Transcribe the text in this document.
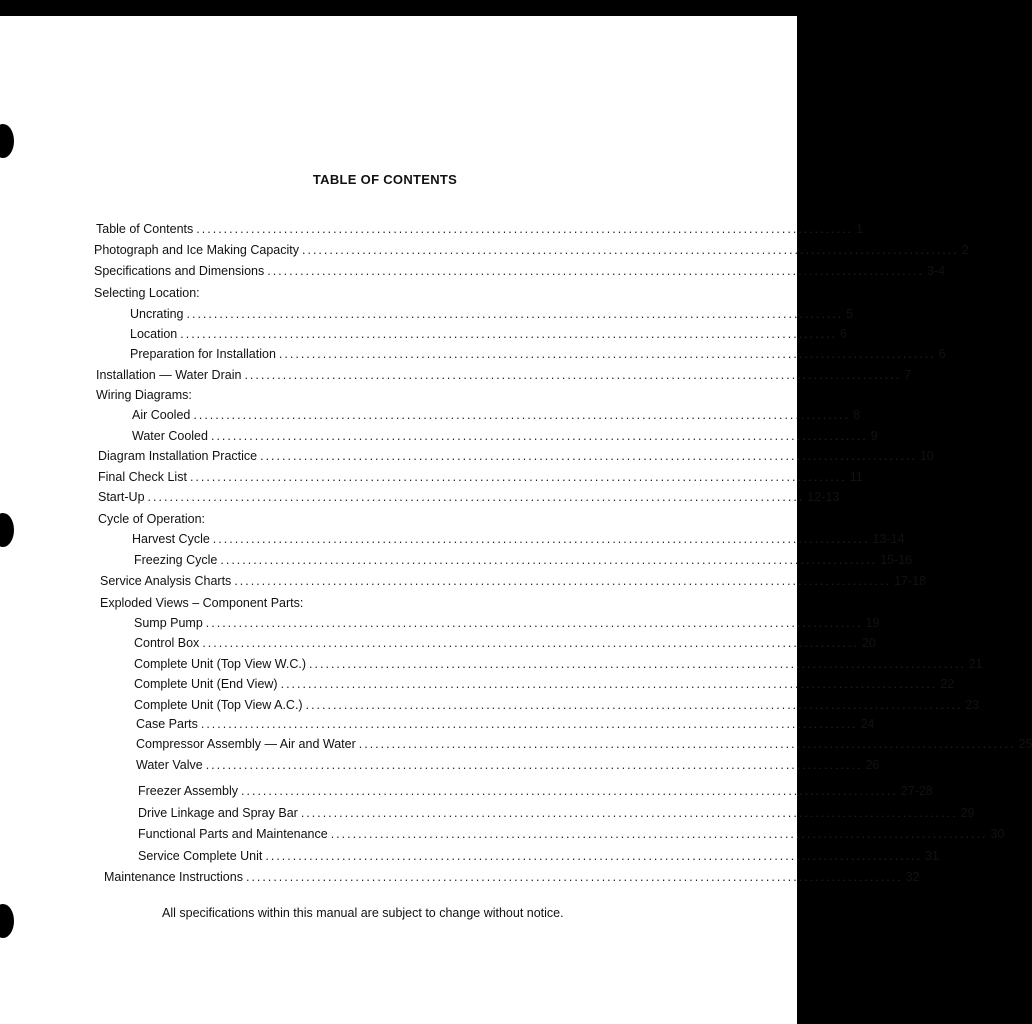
TABLE OF CONTENTS
Table of Contents ........................................................................................................................ 1
Photograph and Ice Making Capacity ........................................................................................................................ 2
Specifications and Dimensions ........................................................................................................................ 3-4
Selecting Location:
Uncrating ........................................................................................................................ 5
Location ........................................................................................................................ 6
Preparation for Installation ........................................................................................................................ 6
Installation — Water Drain ........................................................................................................................ 7
Wiring Diagrams:
Air Cooled ........................................................................................................................ 8
Water Cooled ........................................................................................................................ 9
Diagram Installation Practice ........................................................................................................................ 10
Final Check List ........................................................................................................................ 11
Start-Up ........................................................................................................................ 12-13
Cycle of Operation:
Harvest Cycle ........................................................................................................................ 13-14
Freezing Cycle ........................................................................................................................ 15-16
Service Analysis Charts ........................................................................................................................ 17-18
Exploded Views – Component Parts:
Sump Pump ........................................................................................................................ 19
Control Box ........................................................................................................................ 20
Complete Unit (Top View W.C.) ........................................................................................................................ 21
Complete Unit (End View) ........................................................................................................................ 22
Complete Unit (Top View A.C.) ........................................................................................................................ 23
Case Parts ........................................................................................................................ 24
Compressor Assembly — Air and Water ........................................................................................................................ 25
Water Valve ........................................................................................................................ 26
Freezer Assembly ........................................................................................................................ 27-28
Drive Linkage and Spray Bar ........................................................................................................................ 29
Functional Parts and Maintenance ........................................................................................................................ 30
Service Complete Unit ........................................................................................................................ 31
Maintenance Instructions ........................................................................................................................ 32
All specifications within this manual are subject to change without notice.
